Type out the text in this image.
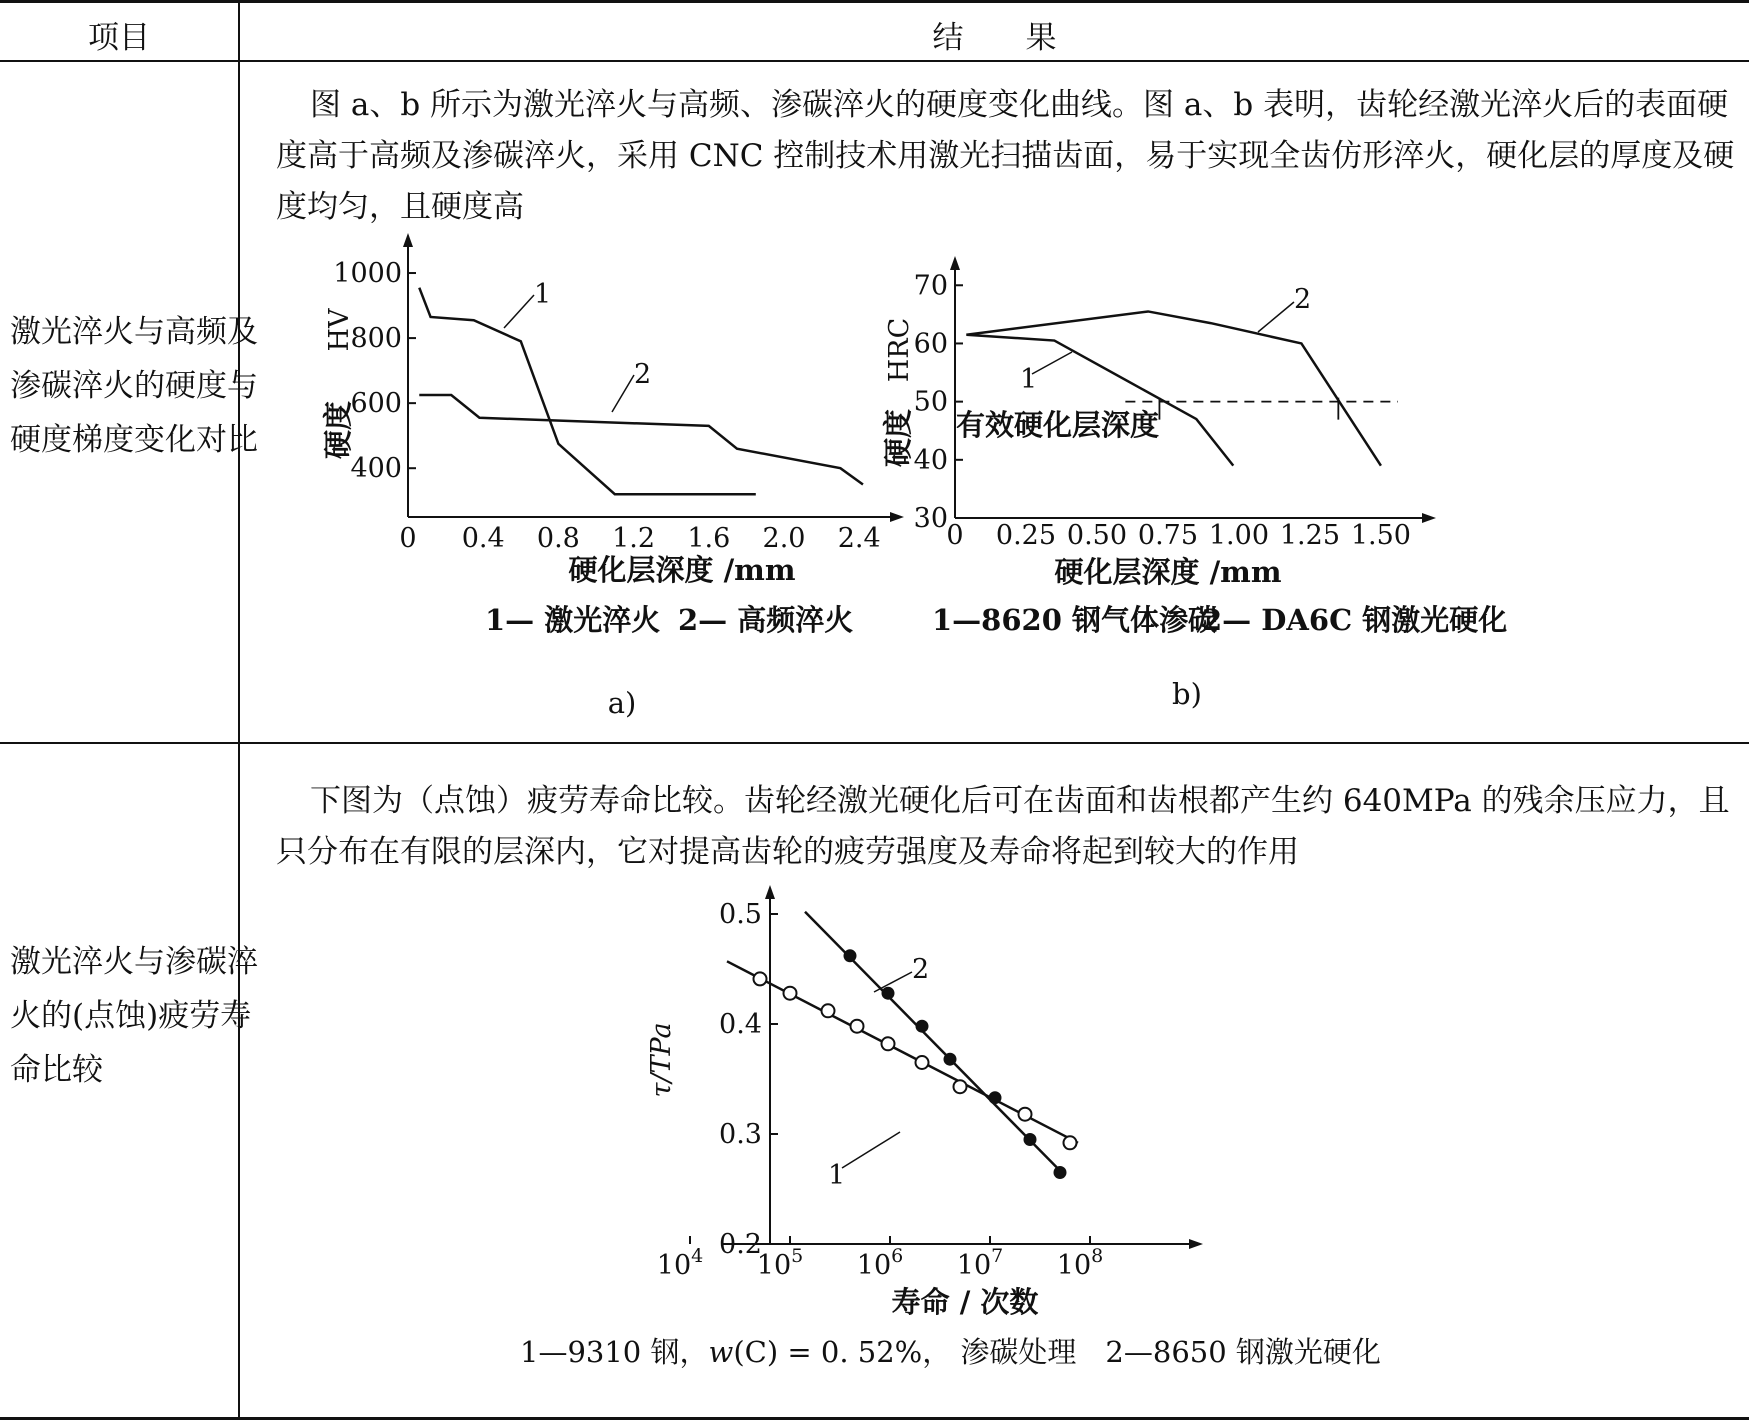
项目	结　　果
激光淬火与高频及渗碳淬火的硬度与硬度梯度变化对比

图 a、b 所示为激光淬火与高频、渗碳淬火的硬度变化曲线。图 a、b 表明，齿轮经激光淬火后的表面硬度高于高频及渗碳淬火，采用 CNC 控制技术用激光扫描齿面，易于实现全齿仿形淬火，硬化层的厚度及硬度均匀，且硬度高

激光淬火与渗碳淬火的(点蚀)疲劳寿命比较

下图为（点蚀）疲劳寿命比较。齿轮经激光硬化后可在齿面和齿根都产生约 640MPa 的残余压应力，且只分布在有限的层深内，它对提高齿轮的疲劳强度及寿命将起到较大的作用

0 0.4 0.8 1.2 1.6 2.0 2.4
400
600
800
1000
硬度
HV
1
2
硬化层深度 /mm
1— 激光淬火 2— 高频淬火
a)
0 0.25 0.50 0.75 1.00 1.25 1.50
30
40
50
60
70
硬度
HRC
有效硬化层深度
1
2
硬化层深度 /mm
1—8620 钢气体渗碳
2— DA6C 钢激光硬化
b)
$10^4$ $10^5$ $10^6$ $10^7$ $10^8$
0.2
0.3
0.4
0.5
τ/TPa
1
2
寿命 / 次数
1—9310 钢，w(C) = 0. 52%， 渗碳处理　2—8650 钢激光硬化
